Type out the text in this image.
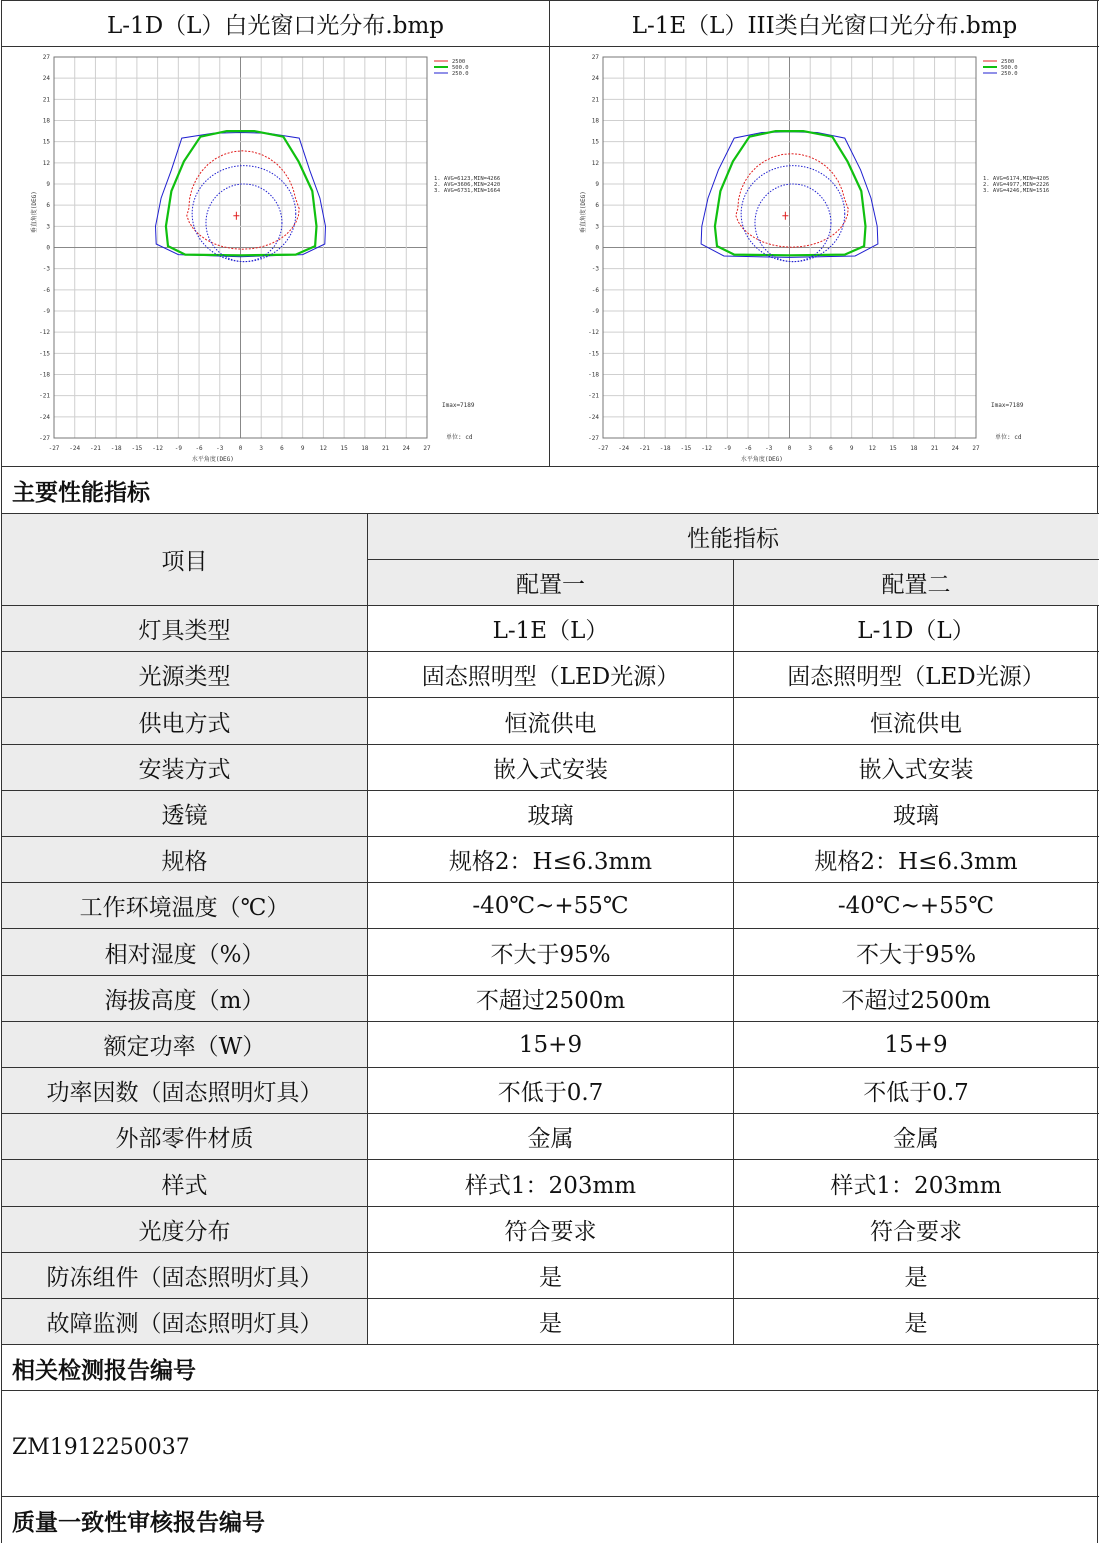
L-1D（L）白光窗口光分布.bmp	L-1E（L）III类白光窗口光分布.bmp
-27
-27
-24
-24
-21
-21
-18
-18
-15
-15
-12
-12
-9
-9
-6
-6
-3
-3
0
0
3
3
6
6
9
9
12
12
15
15
18
18
21
21
24
24
27
27
水平角度(DEG)
垂直角度(DEG)
2500
500.0
250.0
1. AVG=6123,MIN=4266
2. AVG=3606,MIN=2420
3. AVG=6731,MIN=1664
Imax=7189
单位: cd
-27
-27
-24
-24
-21
-21
-18
-18
-15
-15
-12
-12
-9
-9
-6
-6
-3
-3
0
0
3
3
6
6
9
9
12
12
15
15
18
18
21
21
24
24
27
27
水平角度(DEG)
垂直角度(DEG)
2500
500.0
250.0
1. AVG=6174,MIN=4205
2. AVG=4977,MIN=2226
3. AVG=4246,MIN=1516
Imax=7189
单位: cd
主要性能指标
项目
性能指标
配置一	配置二
灯具类型	L-1E（L）	L-1D（L）
光源类型	固态照明型（LED光源）	固态照明型（LED光源）
供电方式	恒流供电	恒流供电
安装方式	嵌入式安装	嵌入式安装
透镜	玻璃	玻璃
规格	规格2：H≤6.3mm	规格2：H≤6.3mm
工作环境温度（℃）	-40℃~+55℃	-40℃~+55℃
相对湿度（%）	不大于95%	不大于95%
海拔高度（m）	不超过2500m	不超过2500m
额定功率（W）	15+9	15+9
功率因数（固态照明灯具）	不低于0.7	不低于0.7
外部零件材质	金属	金属
样式	样式1：203mm	样式1：203mm
光度分布	符合要求	符合要求
防冻组件（固态照明灯具）	是	是
故障监测（固态照明灯具）	是	是
相关检测报告编号
ZM1912250037
质量一致性审核报告编号
